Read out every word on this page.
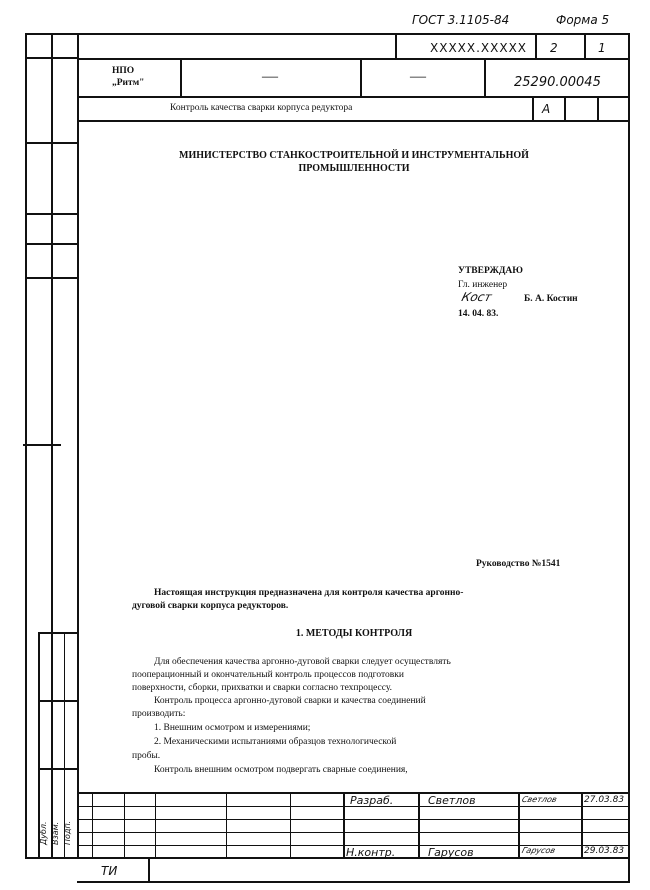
Дубл. Взам. Подп.
ГОСТ 3.1105-84	Форма 5
XXXXX.XXXXX 2	1
НПО
„Ритм"	—	—	25290.00045
Контроль качества сварки корпуса редуктора	А
МИНИСТЕРСТВО СТАНКОСТРОИТЕЛЬНОЙ И ИНСТРУМЕНТАЛЬНОЙ
ПРОМЫШЛЕННОСТИ
УТВЕРЖДАЮ
Гл. инженер
Кост	Б. А. Костин
14. 04. 83.
Руководство №1541
Настоящая инструкция предназначена для контроля качества аргонно-
дуговой сварки корпуса редукторов.
1. МЕТОДЫ КОНТРОЛЯ
Для обеспечения качества аргонно-дуговой сварки следует осуществлять
пооперационный и окончательный контроль процессов подготовки
поверхности, сборки, прихватки и сварки согласно техпроцессу.
Контроль процесса аргонно-дуговой сварки и качества соединений
производить:
1. Внешним осмотром и измерениями;
2. Механическими испытаниями образцов технологической
пробы.
Контроль внешним осмотром подвергать сварные соединения,
Разраб.	Светлов	Светлов	27.03.83
Н.контр.	Гарусов	Гарусов	29.03.83
ТИ
